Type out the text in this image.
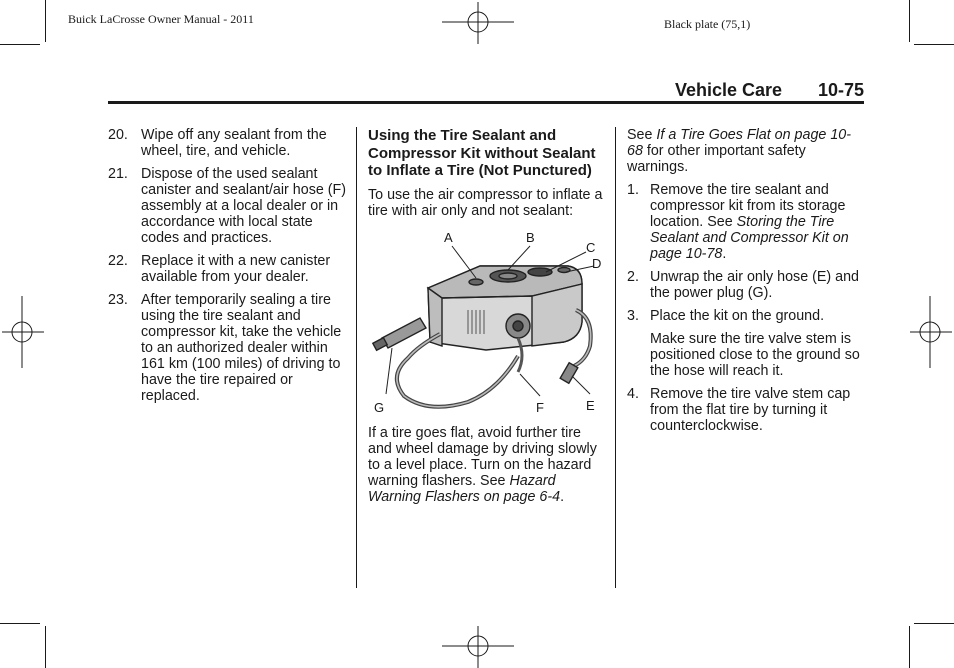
Buick LaCrosse Owner Manual - 2011	Black plate (75,1)
Vehicle Care 10-75
20. Wipe off any sealant from the wheel, tire, and vehicle.
21. Dispose of the used sealant canister and sealant/air hose (F) assembly at a local dealer or in accordance with local state codes and practices.
22. Replace it with a new canister available from your dealer.
23. After temporarily sealing a tire using the tire sealant and compressor kit, take the vehicle to an authorized dealer within 161 km (100 miles) of driving to have the tire repaired or replaced.
Using the Tire Sealant and Compressor Kit without Sealant to Inflate a Tire (Not Punctured)

To use the air compressor to inflate a tire with air only and not sealant:

A	B
C
D
E
F
G

If a tire goes flat, avoid further tire and wheel damage by driving slowly to a level place. Turn on the hazard warning flashers. See Hazard Warning Flashers on page 6-4.

See If a Tire Goes Flat on page 10-68 for other important safety warnings.

1. Remove the tire sealant and compressor kit from its storage location. See Storing the Tire Sealant and Compressor Kit on page 10-78.
2. Unwrap the air only hose (E) and the power plug (G).
3. Place the kit on the ground.

Make sure the tire valve stem is positioned close to the ground so the hose will reach it.

4. Remove the tire valve stem cap from the flat tire by turning it counterclockwise.
